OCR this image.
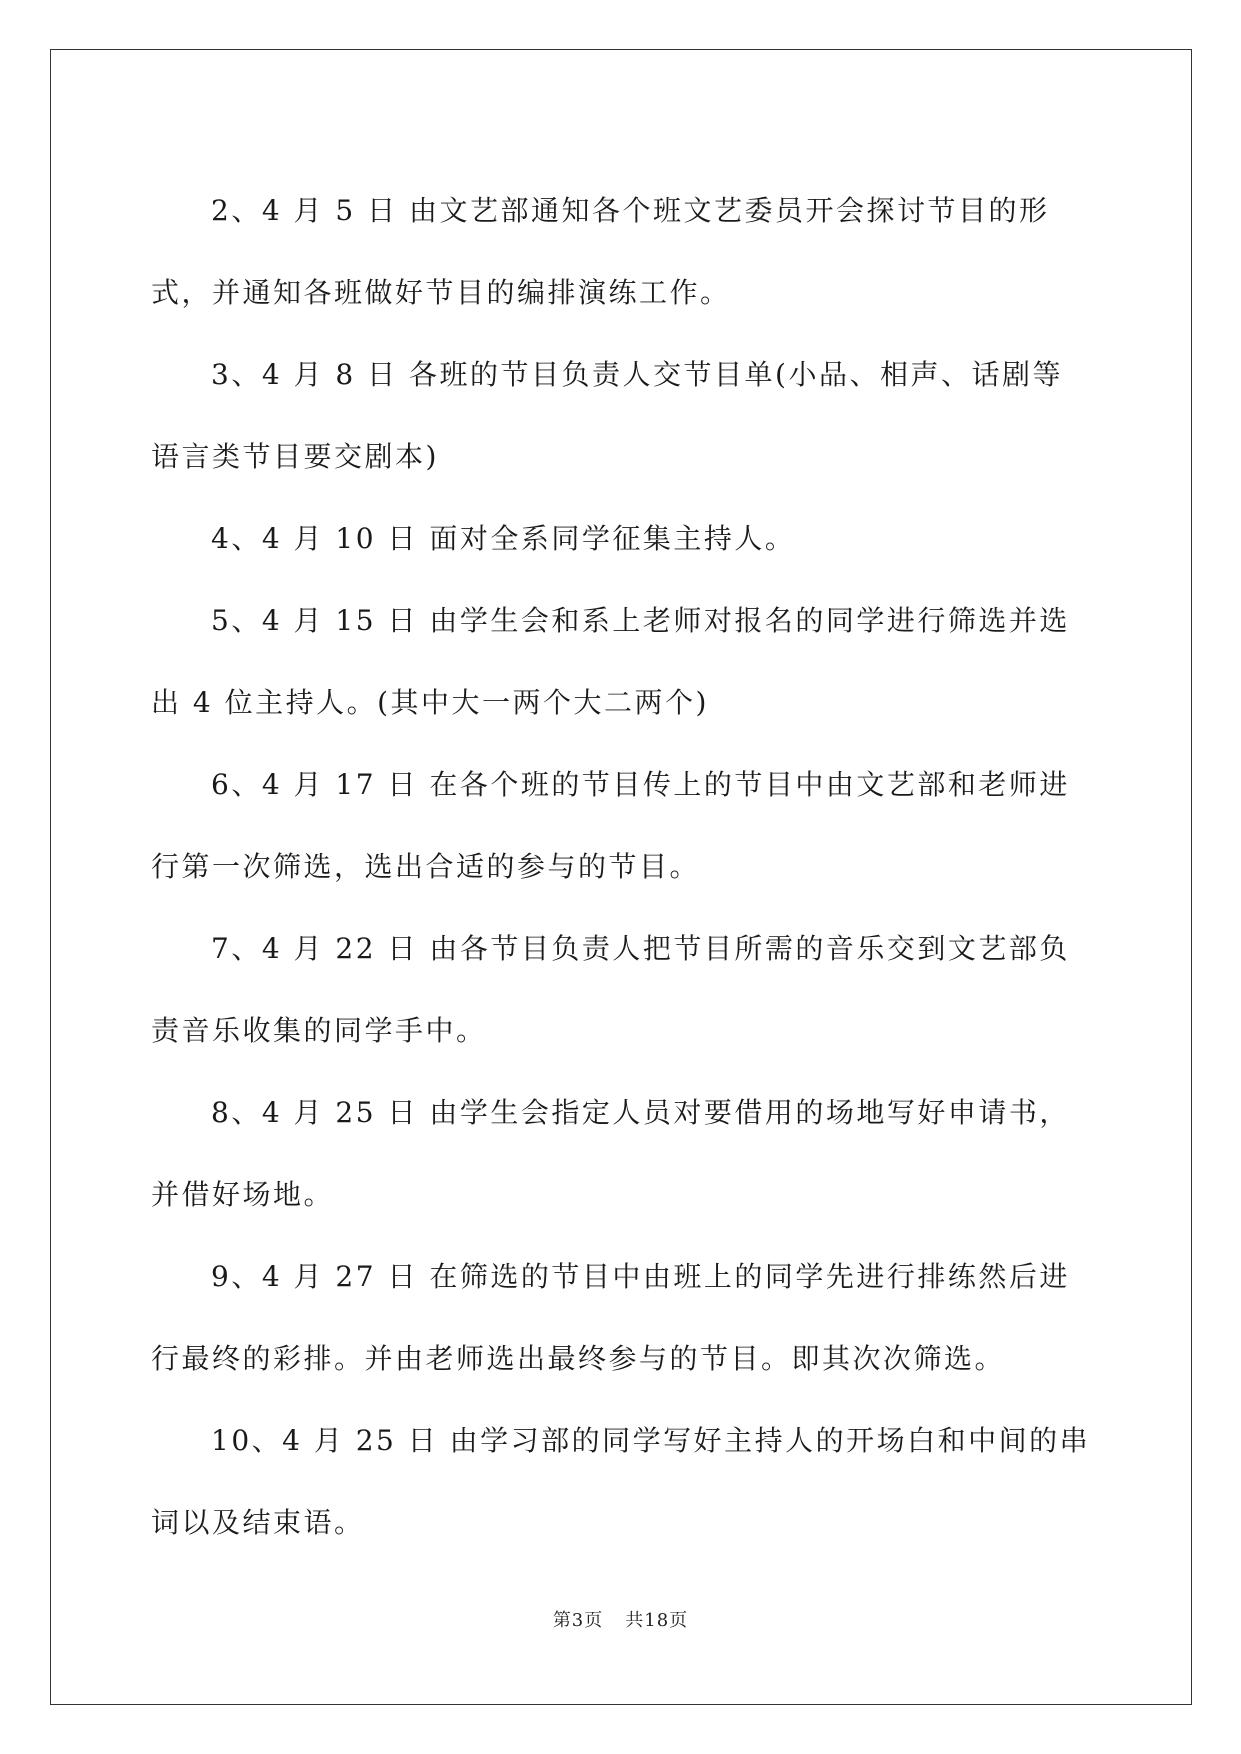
2、4 月 5 日 由文艺部通知各个班文艺委员开会探讨节目的形式，并通知各班做好节目的编排演练工作。

3、4 月 8 日 各班的节目负责人交节目单(小品、相声、话剧等语言类节目要交剧本)

4、4 月 10 日 面对全系同学征集主持人。

5、4 月 15 日 由学生会和系上老师对报名的同学进行筛选并选出 4 位主持人。(其中大一两个大二两个)

6、4 月 17 日 在各个班的节目传上的节目中由文艺部和老师进行第一次筛选，选出合适的参与的节目。

7、4 月 22 日 由各节目负责人把节目所需的音乐交到文艺部负责音乐收集的同学手中。

8、4 月 25 日 由学生会指定人员对要借用的场地写好申请书，并借好场地。

9、4 月 27 日 在筛选的节目中由班上的同学先进行排练然后进行最终的彩排。并由老师选出最终参与的节目。即其次次筛选。

10、4 月 25 日 由学习部的同学写好主持人的开场白和中间的串词以及结束语。

第3页 共18页
